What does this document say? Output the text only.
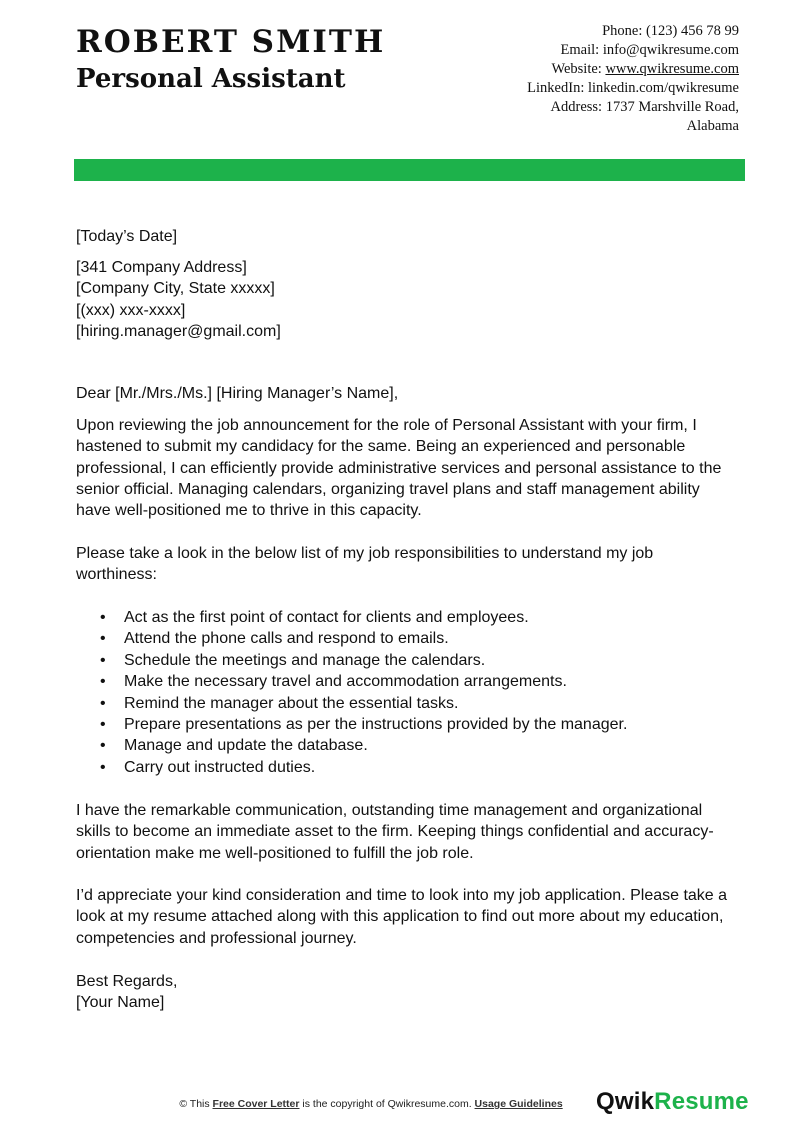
ROBERT SMITH
Personal Assistant
Phone: (123) 456 78 99
Email: info@qwikresume.com
Website: www.qwikresume.com
LinkedIn: linkedin.com/qwikresume
Address: 1737 Marshville Road,
Alabama
[Today’s Date]
[341 Company Address]
[Company City, State xxxxx]
[(xxx) xxx-xxxx]
[hiring.manager@gmail.com]
Dear [Mr./Mrs./Ms.] [Hiring Manager’s Name],
Upon reviewing the job announcement for the role of Personal Assistant with your firm, I hastened to submit my candidacy for the same. Being an experienced and personable professional, I can efficiently provide administrative services and personal assistance to the senior official. Managing calendars, organizing travel plans and staff management ability have well-positioned me to thrive in this capacity.
Please take a look in the below list of my job responsibilities to understand my job worthiness:
• Act as the first point of contact for clients and employees.
• Attend the phone calls and respond to emails.
• Schedule the meetings and manage the calendars.
• Make the necessary travel and accommodation arrangements.
• Remind the manager about the essential tasks.
• Prepare presentations as per the instructions provided by the manager.
• Manage and update the database.
• Carry out instructed duties.
I have the remarkable communication, outstanding time management and organizational skills to become an immediate asset to the firm. Keeping things confidential and accuracy-orientation make me well-positioned to fulfill the job role.
I’d appreciate your kind consideration and time to look into my job application. Please take a look at my resume attached along with this application to find out more about my education, competencies and professional journey.
Best Regards,
[Your Name]
© This Free Cover Letter is the copyright of Qwikresume.com. Usage Guidelines	QwikResume
